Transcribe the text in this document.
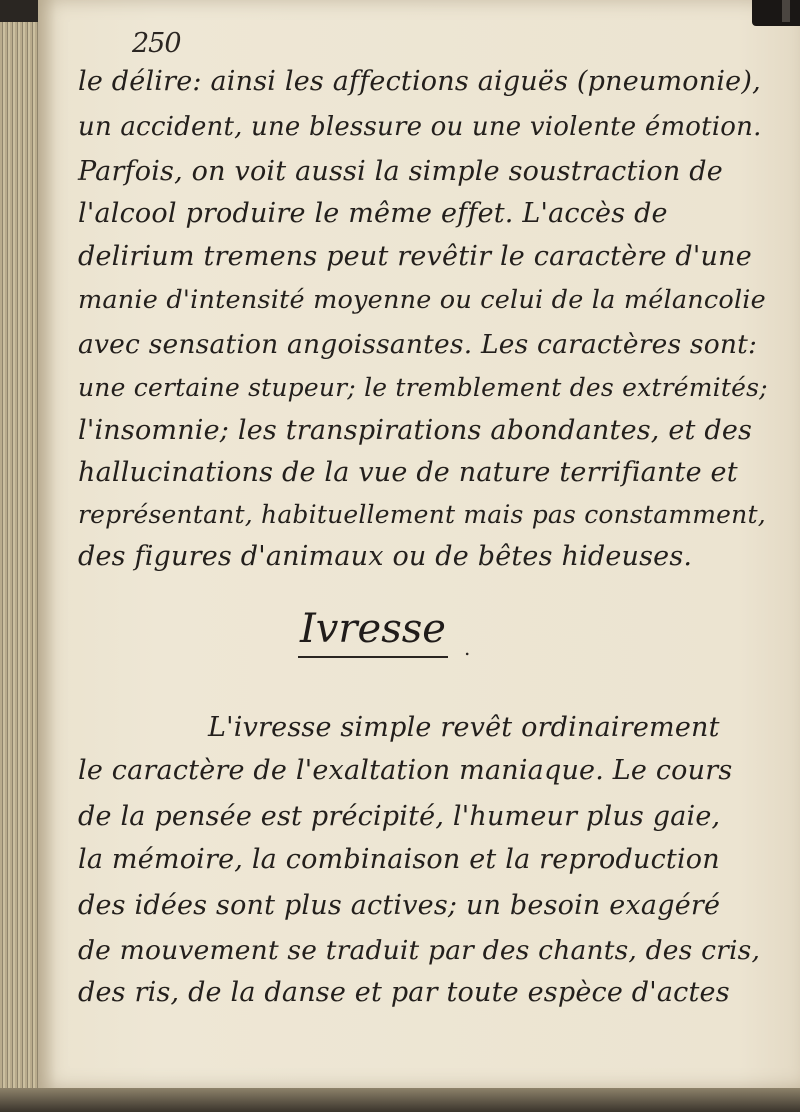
250
le délire: ainsi les affections aiguës (pneumonie),
un accident, une blessure ou une violente émotion.
Parfois, on voit aussi la simple soustraction de
l'alcool produire le même effet. L'accès de
delirium tremens peut revêtir le caractère d'une
manie d'intensité moyenne ou celui de la mélancolie
avec sensation angoissantes. Les caractères sont:
une certaine stupeur; le tremblement des extrémités;
l'insomnie; les transpirations abondantes, et des
hallucinations de la vue de nature terrifiante et
représentant, habituellement mais pas constamment,
des figures d'animaux ou de bêtes hideuses.
L'ivresse simple revêt ordinairement
le caractère de l'exaltation maniaque. Le cours
de la pensée est précipité, l'humeur plus gaie,
la mémoire, la combinaison et la reproduction
des idées sont plus actives; un besoin exagéré
de mouvement se traduit par des chants, des cris,
des ris, de la danse et par toute espèce d'actes
Ivresse .
